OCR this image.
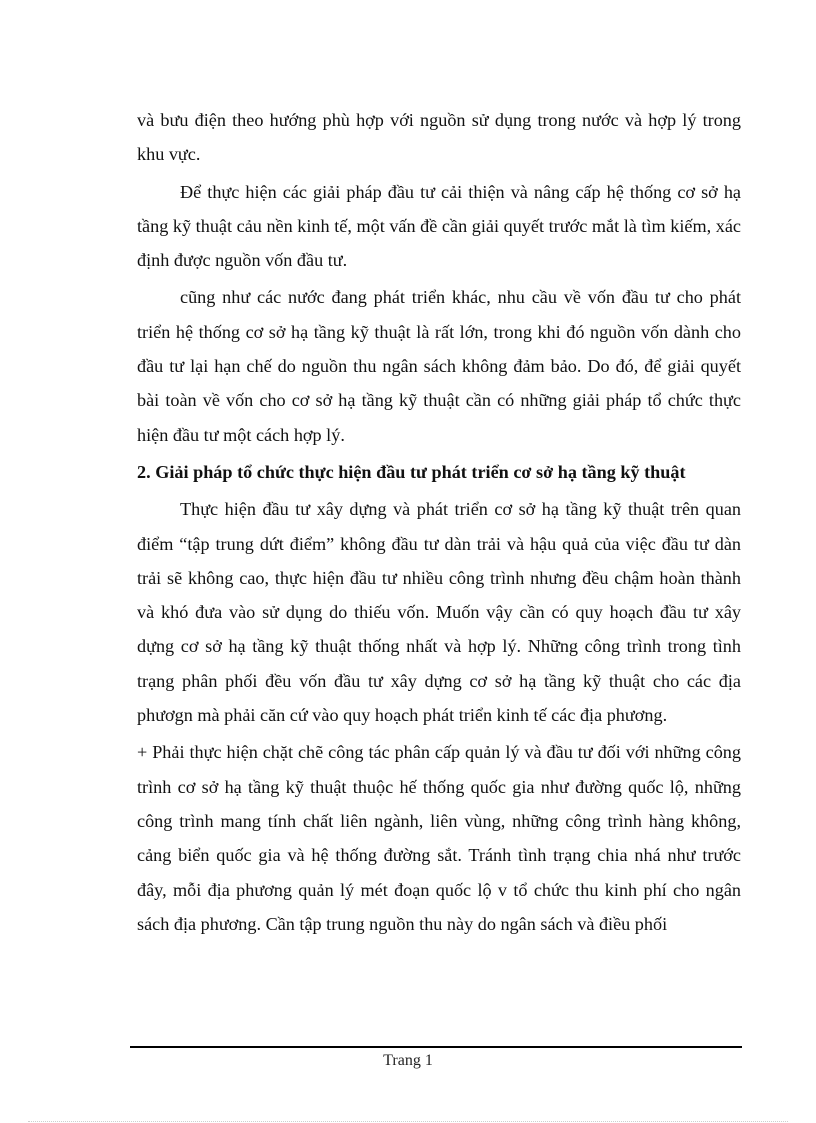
và bưu điện theo hướng phù hợp với nguồn sử dụng trong nước và hợp lý trong khu vực.

Để thực hiện các giải pháp đầu tư cải thiện và nâng cấp hệ thống cơ sở hạ tầng kỹ thuật cảu nền kinh tế, một vấn đề cần giải quyết trước mắt là tìm kiếm, xác định được nguồn vốn đầu tư.

cũng như các nước đang phát triển khác, nhu cầu về vốn đầu tư cho phát triển hệ thống cơ sở hạ tầng kỹ thuật là rất lớn, trong khi đó nguồn vốn dành cho đầu tư lại hạn chế do nguồn thu ngân sách không đảm bảo. Do đó, để giải quyết bài toàn về vốn cho cơ sở hạ tầng kỹ thuật cần có những giải pháp tổ chức thực hiện đầu tư một cách hợp lý.

2. Giải pháp tổ chức thực hiện đầu tư phát triển cơ sở hạ tầng kỹ thuật

Thực hiện đầu tư xây dựng và phát triển cơ sở hạ tầng kỹ thuật trên quan điểm “tập trung dứt điểm” không đầu tư dàn trải và hậu quả của việc đầu tư dàn trải sẽ không cao, thực hiện đầu tư nhiều công trình nhưng đều chậm hoàn thành và khó đưa vào sử dụng do thiếu vốn. Muốn vậy cần có quy hoạch đầu tư xây dựng cơ sở hạ tầng kỹ thuật thống nhất và hợp lý. Những công trình trong tình trạng phân phối đều vốn đầu tư xây dựng cơ sở hạ tầng kỹ thuật cho các địa phươgn mà phải căn cứ vào quy hoạch phát triển kinh tế các địa phương.

+ Phải thực hiện chặt chẽ công tác phân cấp quản lý và đầu tư đối với những công trình cơ sở hạ tầng kỹ thuật thuộc hế thống quốc gia như đường quốc lộ, những công trình mang tính chất liên ngành, liên vùng, những công trình hàng không, cảng biển quốc gia và hệ thống đường sắt. Tránh tình trạng chia nhá như trước đây, mỗi địa phương quản lý mét đoạn quốc lộ v tổ chức thu kinh phí cho ngân sách địa phương. Cần tập trung nguồn thu này do ngân sách và điều phối

Trang 1
